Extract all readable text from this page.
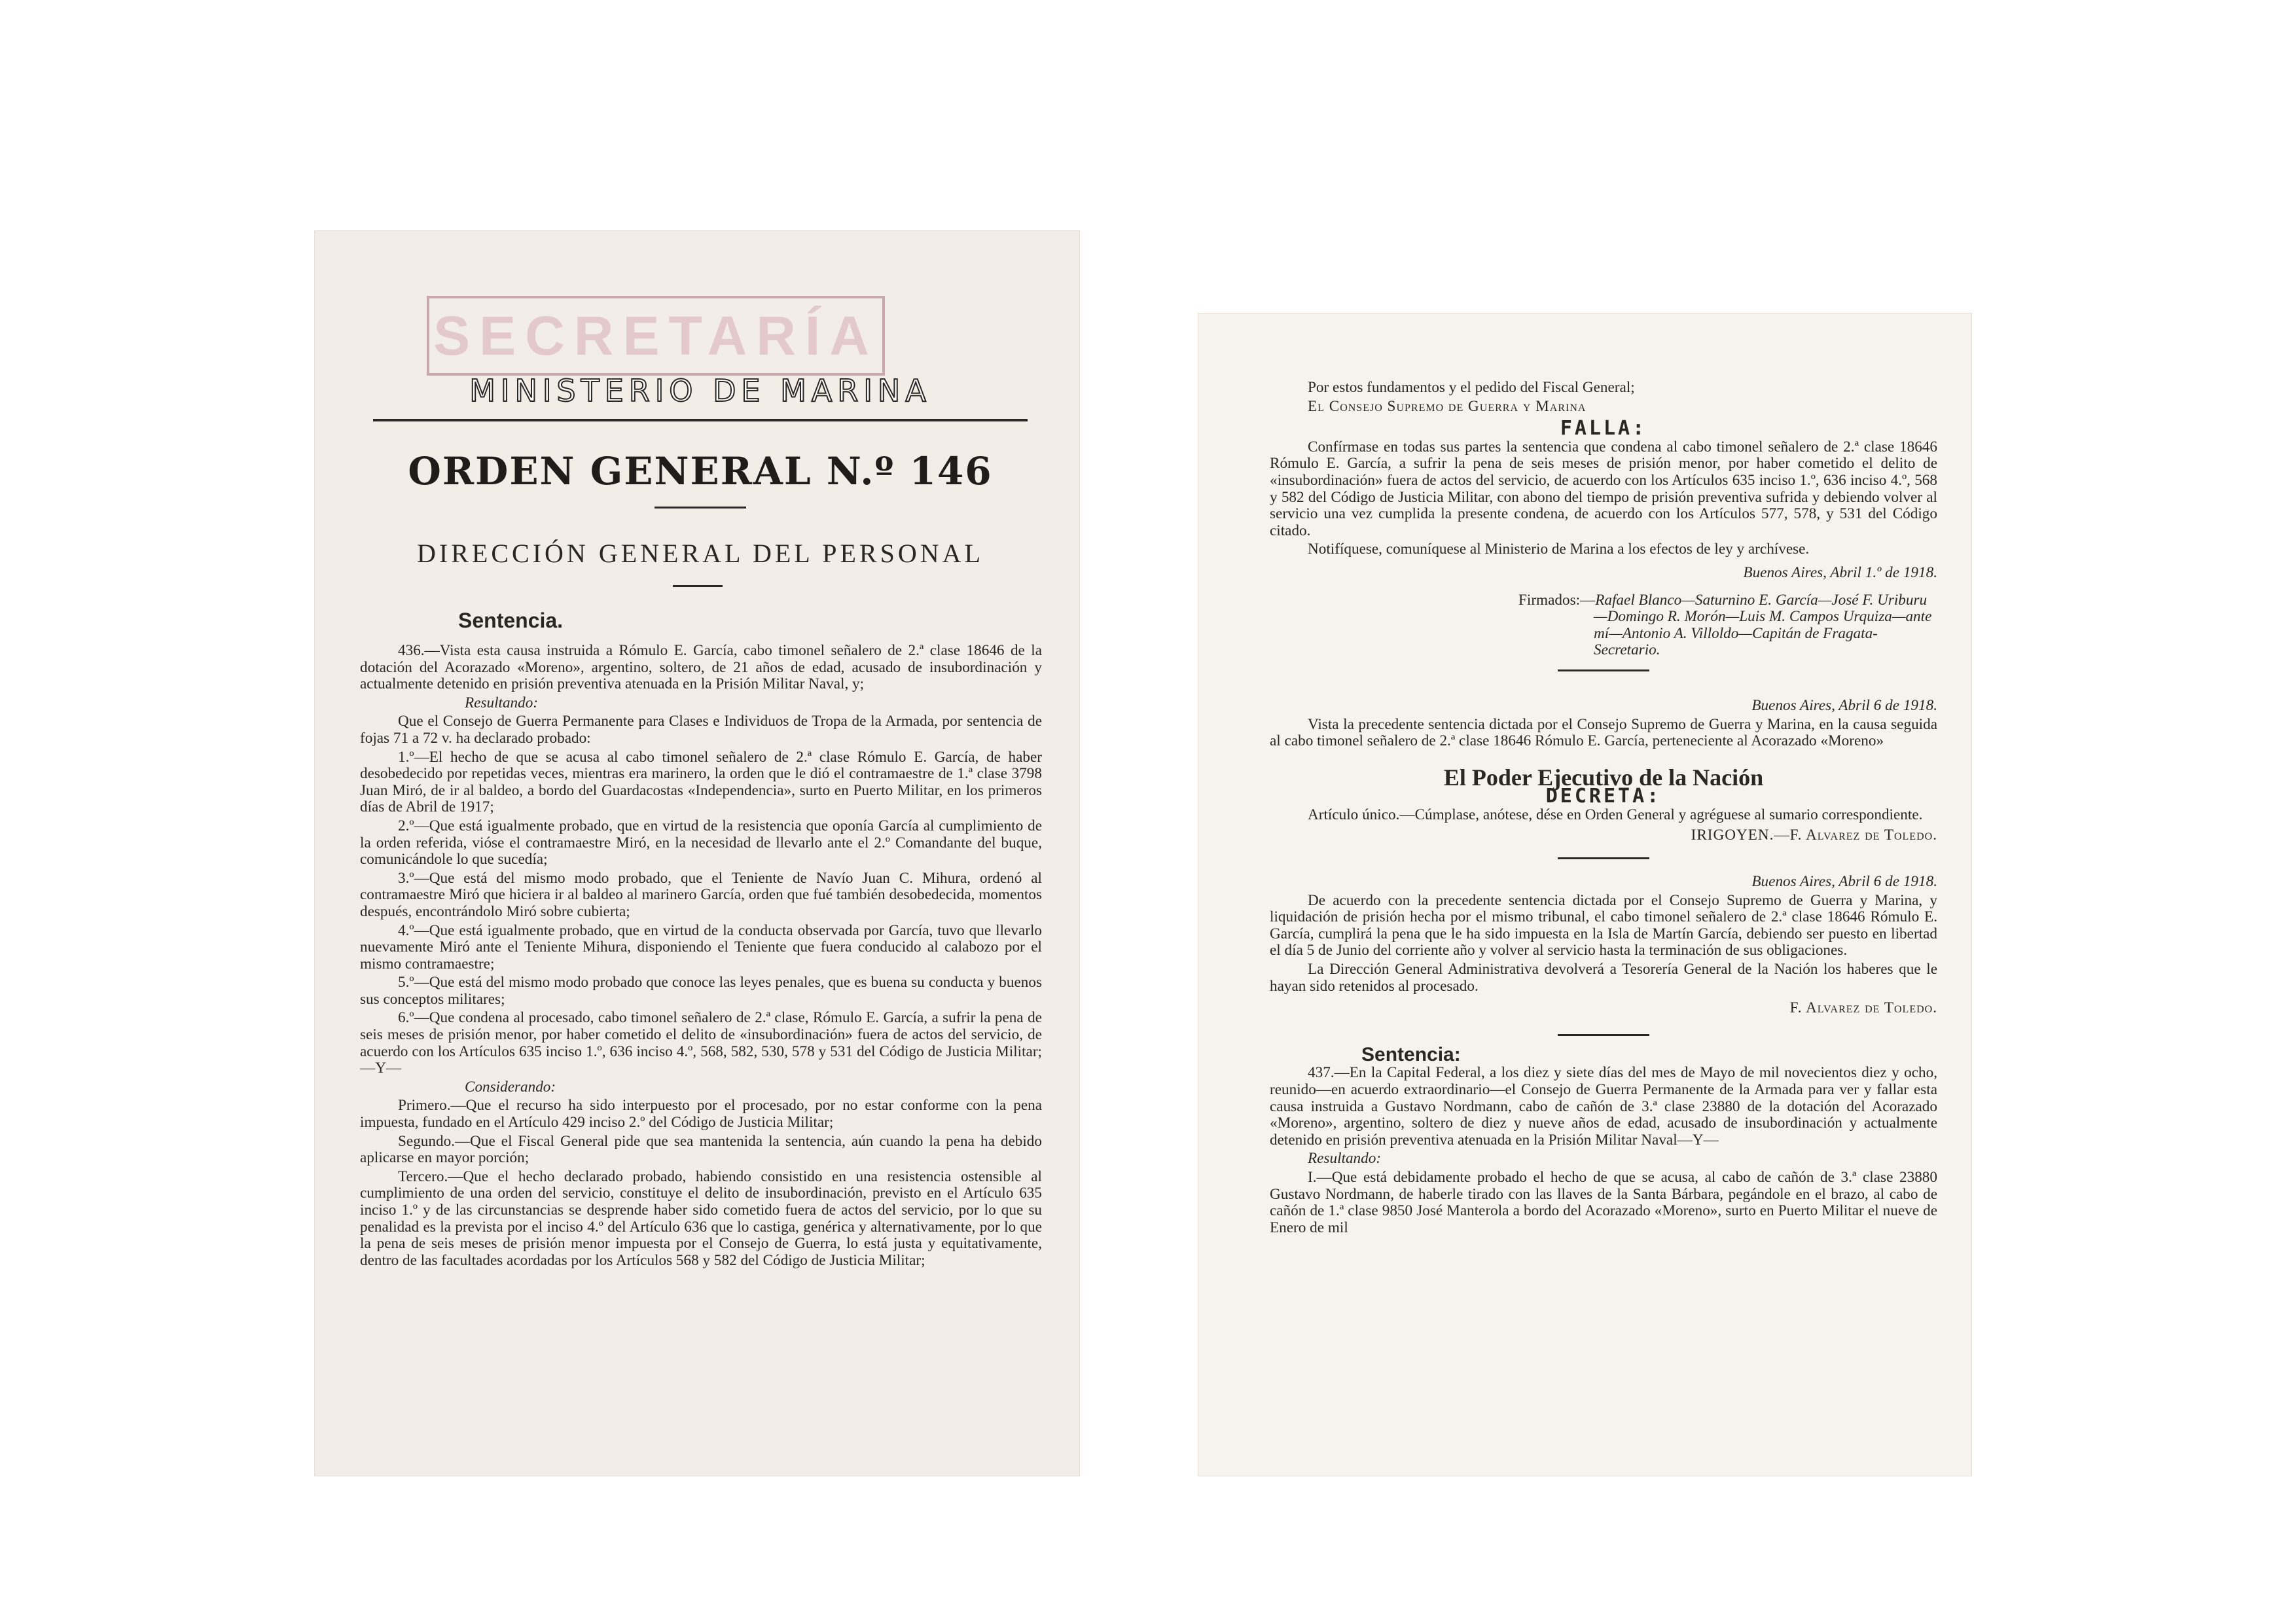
SECRETARÍA
MINISTERIO DE MARINA
ORDEN GENERAL N.º 146
DIRECCIÓN GENERAL DEL PERSONAL
Sentencia.

436.—Vista esta causa instruida a Rómulo E. García, cabo timonel señalero de 2.ª clase 18646 de la dotación del Acorazado «Moreno», argentino, soltero, de 21 años de edad, acusado de insubordinación y actualmente detenido en prisión preventiva atenuada en la Prisión Militar Naval, y;

Resultando:

Que el Consejo de Guerra Permanente para Clases e Individuos de Tropa de la Armada, por sentencia de fojas 71 a 72 v. ha declarado probado:

1.º—El hecho de que se acusa al cabo timonel señalero de 2.ª clase Rómulo E. García, de haber desobedecido por repetidas veces, mientras era marinero, la orden que le dió el contramaestre de 1.ª clase 3798 Juan Miró, de ir al baldeo, a bordo del Guardacostas «Independencia», surto en Puerto Militar, en los primeros días de Abril de 1917;

2.º—Que está igualmente probado, que en virtud de la resistencia que oponía García al cumplimiento de la orden referida, vióse el contramaestre Miró, en la necesidad de llevarlo ante el 2.º Comandante del buque, comunicándole lo que sucedía;

3.º—Que está del mismo modo probado, que el Teniente de Navío Juan C. Mihura, ordenó al contramaestre Miró que hiciera ir al baldeo al marinero García, orden que fué también desobedecida, momentos después, encontrándolo Miró sobre cubierta;

4.º—Que está igualmente probado, que en virtud de la conducta observada por García, tuvo que llevarlo nuevamente Miró ante el Teniente Mihura, disponiendo el Teniente que fuera conducido al calabozo por el mismo contramaestre;

5.º—Que está del mismo modo probado que conoce las leyes penales, que es buena su conducta y buenos sus conceptos militares;

6.º—Que condena al procesado, cabo timonel señalero de 2.ª clase, Rómulo E. García, a sufrir la pena de seis meses de prisión menor, por haber cometido el delito de «insubordinación» fuera de actos del servicio, de acuerdo con los Artículos 635 inciso 1.º, 636 inciso 4.º, 568, 582, 530, 578 y 531 del Código de Justicia Militar;—Y—

Considerando:

Primero.—Que el recurso ha sido interpuesto por el procesado, por no estar conforme con la pena impuesta, fundado en el Artículo 429 inciso 2.º del Código de Justicia Militar;

Segundo.—Que el Fiscal General pide que sea mantenida la sentencia, aún cuando la pena ha debido aplicarse en mayor porción;

Tercero.—Que el hecho declarado probado, habiendo consistido en una resistencia ostensible al cumplimiento de una orden del servicio, constituye el delito de insubordinación, previsto en el Artículo 635 inciso 1.º y de las circunstancias se desprende haber sido cometido fuera de actos del servicio, por lo que su penalidad es la prevista por el inciso 4.º del Artículo 636 que lo castiga, genérica y alternativamente, por lo que la pena de seis meses de prisión menor impuesta por el Consejo de Guerra, lo está justa y equitativamente, dentro de las facultades acordadas por los Artículos 568 y 582 del Código de Justicia Militar;

Por estos fundamentos y el pedido del Fiscal General;

El Consejo Supremo de Guerra y Marina

FALLA:

Confírmase en todas sus partes la sentencia que condena al cabo timonel señalero de 2.ª clase 18646 Rómulo E. García, a sufrir la pena de seis meses de prisión menor, por haber cometido el delito de «insubordinación» fuera de actos del servicio, de acuerdo con los Artículos 635 inciso 1.º, 636 inciso 4.º, 568 y 582 del Código de Justicia Militar, con abono del tiempo de prisión preventiva sufrida y debiendo volver al servicio una vez cumplida la presente condena, de acuerdo con los Artículos 577, 578, y 531 del Código citado.

Notifíquese, comuníquese al Ministerio de Marina a los efectos de ley y archívese.

Buenos Aires, Abril 1.º de 1918.

Firmados:—Rafael Blanco—Saturnino E. García—José F. Uriburu—Domingo R. Morón—Luis M. Campos Urquiza—ante mí—Antonio A. Villoldo—Capitán de Fragata-Secretario.

Buenos Aires, Abril 6 de 1918.

Vista la precedente sentencia dictada por el Consejo Supremo de Guerra y Marina, en la causa seguida al cabo timonel señalero de 2.ª clase 18646 Rómulo E. García, perteneciente al Acorazado «Moreno»

El Poder Ejecutivo de la Nación

DECRETA:

Artículo único.—Cúmplase, anótese, dése en Orden General y agréguese al sumario correspondiente.

IRIGOYEN.—F. Alvarez de Toledo.

Buenos Aires, Abril 6 de 1918.

De acuerdo con la precedente sentencia dictada por el Consejo Supremo de Guerra y Marina, y liquidación de prisión hecha por el mismo tribunal, el cabo timonel señalero de 2.ª clase 18646 Rómulo E. García, cumplirá la pena que le ha sido impuesta en la Isla de Martín García, debiendo ser puesto en libertad el día 5 de Junio del corriente año y volver al servicio hasta la terminación de sus obligaciones.

La Dirección General Administrativa devolverá a Tesorería General de la Nación los haberes que le hayan sido retenidos al procesado.

F. Alvarez de Toledo.

Sentencia:

437.—En la Capital Federal, a los diez y siete días del mes de Mayo de mil novecientos diez y ocho, reunido—en acuerdo extraordinario—el Consejo de Guerra Permanente de la Armada para ver y fallar esta causa instruida a Gustavo Nordmann, cabo de cañón de 3.ª clase 23880 de la dotación del Acorazado «Moreno», argentino, soltero de diez y nueve años de edad, acusado de insubordinación y actualmente detenido en prisión preventiva atenuada en la Prisión Militar Naval—Y—

Resultando:

I.—Que está debidamente probado el hecho de que se acusa, al cabo de cañón de 3.ª clase 23880 Gustavo Nordmann, de haberle tirado con las llaves de la Santa Bárbara, pegándole en el brazo, al cabo de cañón de 1.ª clase 9850 José Manterola a bordo del Acorazado «Moreno», surto en Puerto Militar el nueve de Enero de mil
